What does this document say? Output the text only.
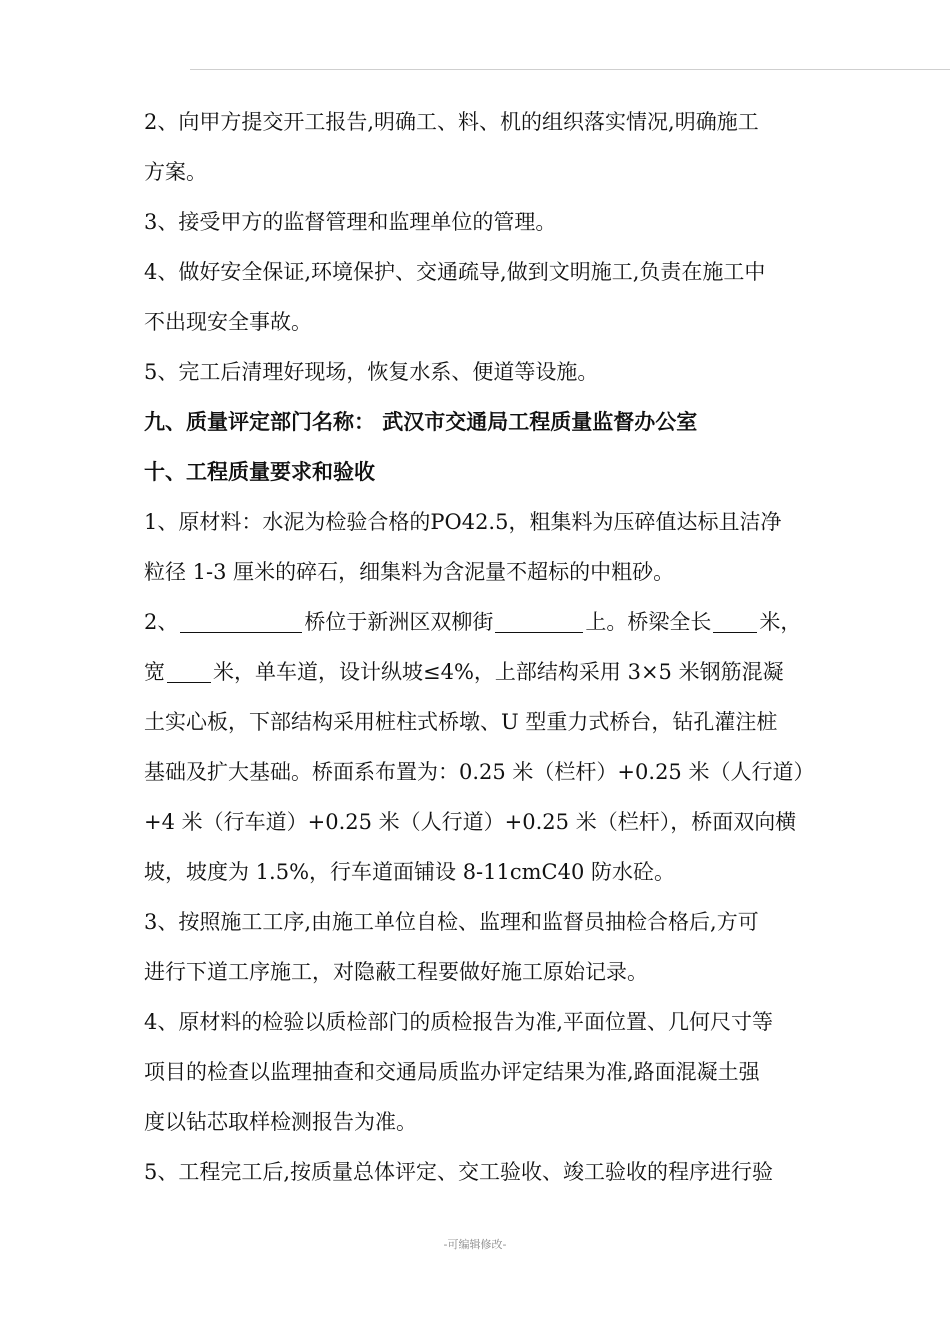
2、向甲方提交开工报告,明确工、料、机的组织落实情况,明确施工
方案。
3、接受甲方的监督管理和监理单位的管理。
4、做好安全保证,环境保护、交通疏导,做到文明施工,负责在施工中
不出现安全事故。
5、完工后清理好现场，恢复水系、便道等设施。
九、质量评定部门名称： 武汉市交通局工程质量监督办公室
十、工程质量要求和验收
1、原材料：水泥为检验合格的PO42.5，粗集料为压碎值达标且洁净
粒径 1-3 厘米的碎石，细集料为含泥量不超标的中粗砂。
2、	桥位于新洲区双柳街	上。桥梁全长 米，
宽 米，单车道，设计纵坡≤4%，上部结构采用 3×5 米钢筋混凝
土实心板，下部结构采用桩柱式桥墩、U 型重力式桥台，钻孔灌注桩
基础及扩大基础。桥面系布置为：0.25 米（栏杆）+0.25 米（人行道）
+4 米（行车道）+0.25 米（人行道）+0.25 米（栏杆），桥面双向横
坡，坡度为 1.5%，行车道面铺设 8-11cmC40 防水砼。
3、按照施工工序,由施工单位自检、监理和监督员抽检合格后,方可
进行下道工序施工，对隐蔽工程要做好施工原始记录。
4、原材料的检验以质检部门的质检报告为准,平面位置、几何尺寸等
项目的检查以监理抽查和交通局质监办评定结果为准,路面混凝土强
度以钻芯取样检测报告为准。
5、工程完工后,按质量总体评定、交工验收、竣工验收的程序进行验
-可编辑修改-
